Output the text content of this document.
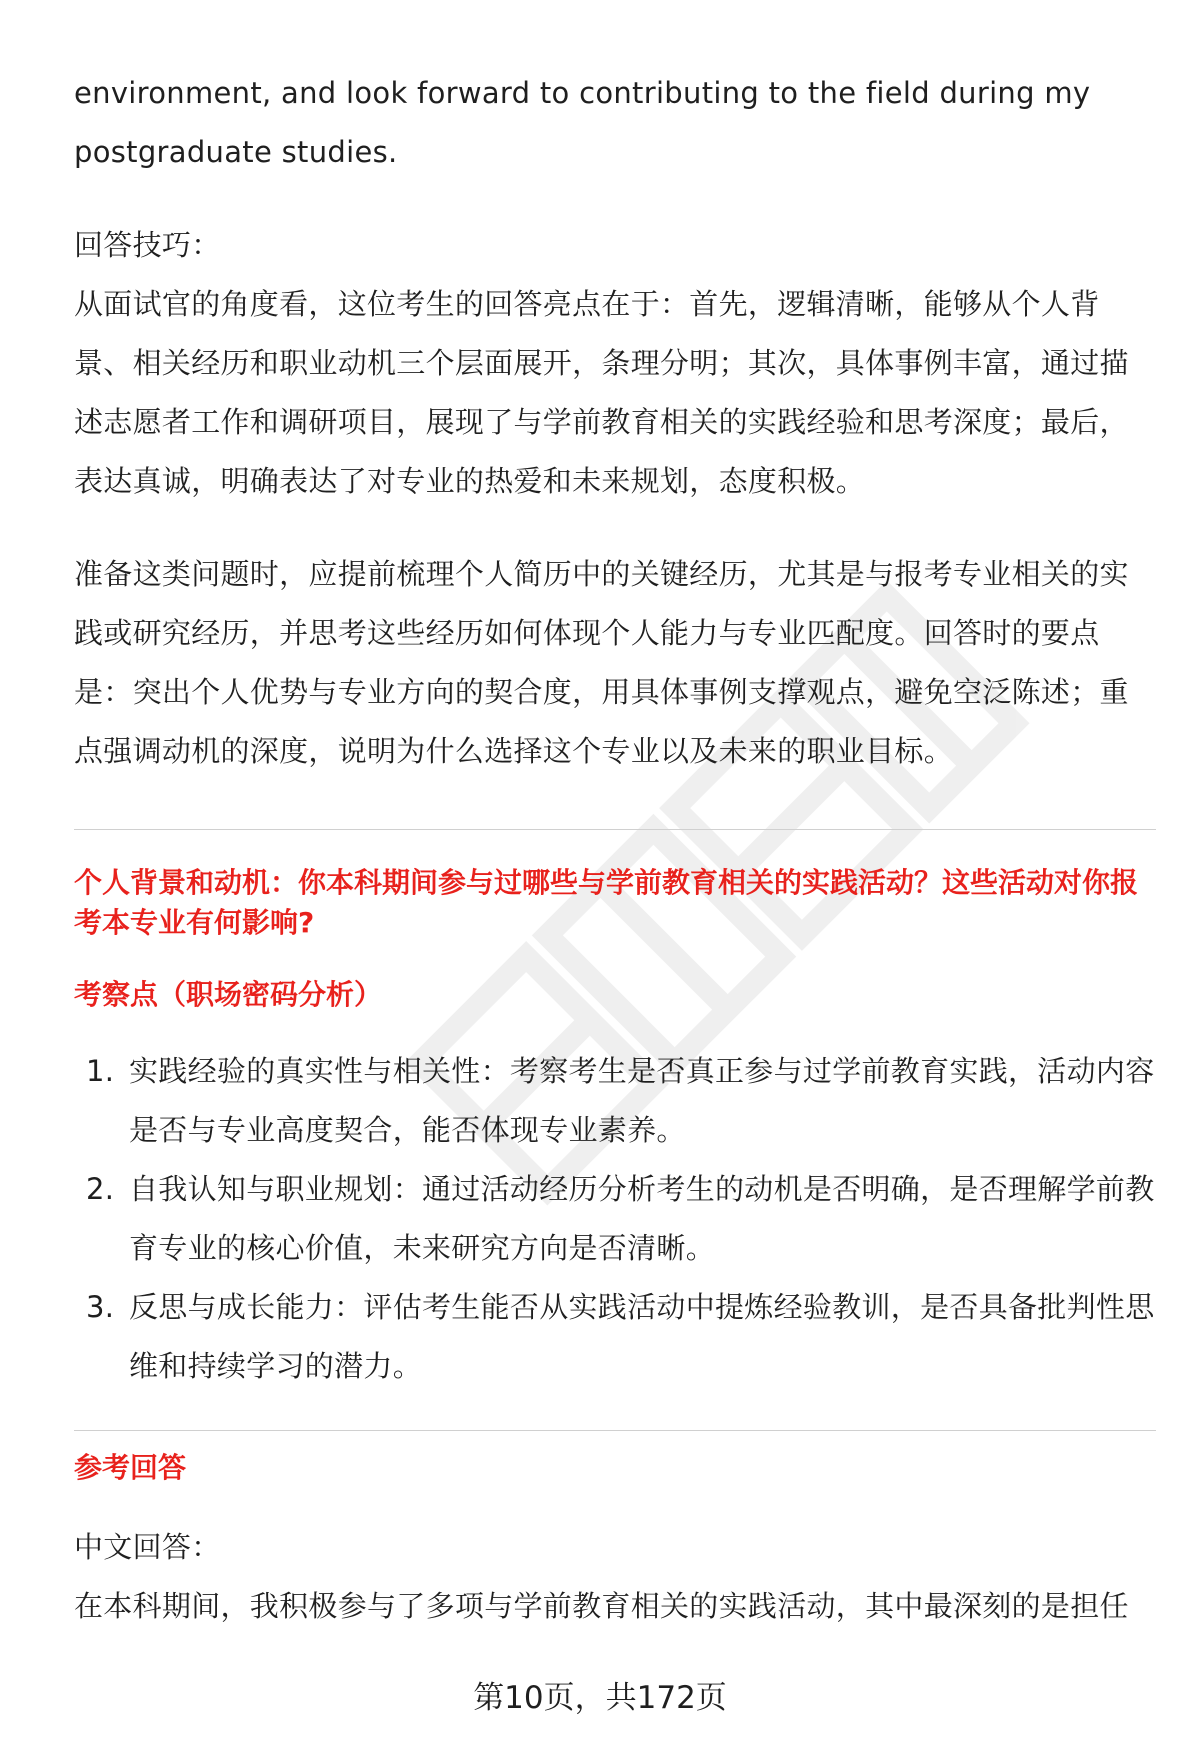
environment, and look forward to contributing to the field during my postgraduate studies.

回答技巧：

从面试官的角度看，这位考生的回答亮点在于：首先，逻辑清晰，能够从个人背景、相关经历和职业动机三个层面展开，条理分明；其次，具体事例丰富，通过描述志愿者工作和调研项目，展现了与学前教育相关的实践经验和思考深度；最后，表达真诚，明确表达了对专业的热爱和未来规划，态度积极。

准备这类问题时，应提前梳理个人简历中的关键经历，尤其是与报考专业相关的实践或研究经历，并思考这些经历如何体现个人能力与专业匹配度。回答时的要点是：突出个人优势与专业方向的契合度，用具体事例支撑观点，避免空泛陈述；重点强调动机的深度，说明为什么选择这个专业以及未来的职业目标。

个人背景和动机：你本科期间参与过哪些与学前教育相关的实践活动？这些活动对你报考本专业有何影响?
考察点（职场密码分析）
1. 实践经验的真实性与相关性：考察考生是否真正参与过学前教育实践，活动内容是否与专业高度契合，能否体现专业素养。
2. 自我认知与职业规划：通过活动经历分析考生的动机是否明确，是否理解学前教育专业的核心价值，未来研究方向是否清晰。
3. 反思与成长能力：评估考生能否从实践活动中提炼经验教训，是否具备批判性思维和持续学习的潜力。
参考回答

中文回答：

在本科期间，我积极参与了多项与学前教育相关的实践活动，其中最深刻的是担任

第10页，共172页
